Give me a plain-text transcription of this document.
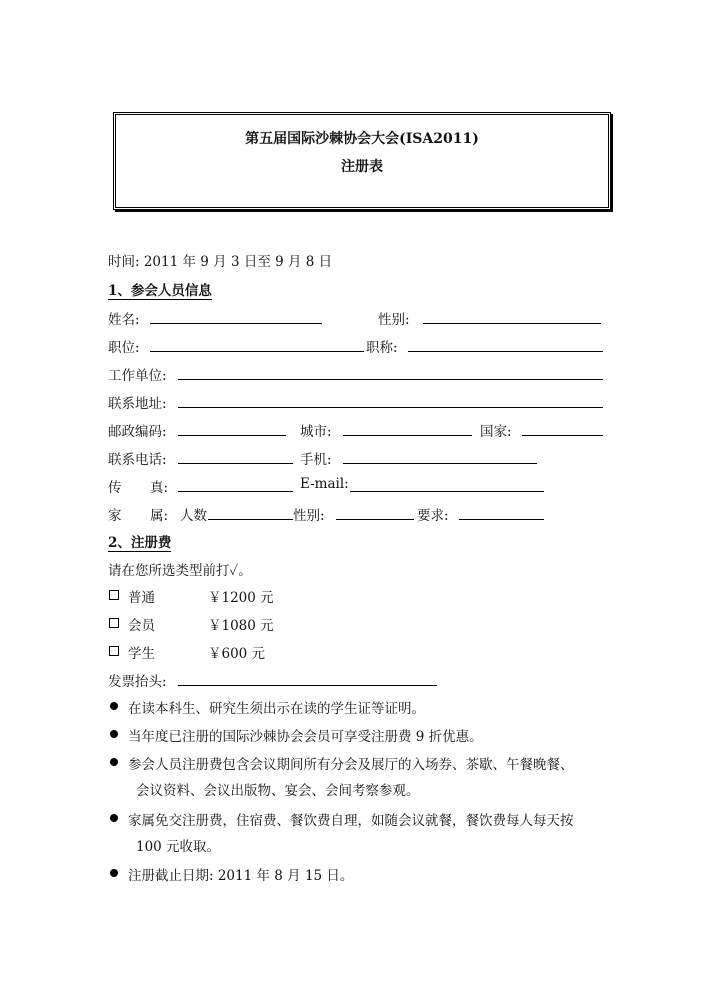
第五届国际沙棘协会大会(ISA2011)
注册表
时间: 2011 年 9 月 3 日至 9 月 8 日
1、参会人员信息
姓名:	性别:
职位:	职称:
工作单位:
联系地址:
邮政编码:	城市:	国家:
联系电话:	手机:
传 真:	E-mail:
家 属: 人数	性别:	要求:
2、注册费
请在您所选类型前打✓。
普通	￥1200 元
会员	￥1080 元
学生	￥600 元
发票抬头:
在读本科生、研究生须出示在读的学生证等证明。
当年度已注册的国际沙棘协会会员可享受注册费 9 折优惠。
参会人员注册费包含会议期间所有分会及展厅的入场券、茶歇、午餐晚餐、
会议资料、会议出版物、宴会、会间考察参观。
家属免交注册费，住宿费、餐饮费自理，如随会议就餐，餐饮费每人每天按
100 元收取。
注册截止日期: 2011 年 8 月 15 日。
